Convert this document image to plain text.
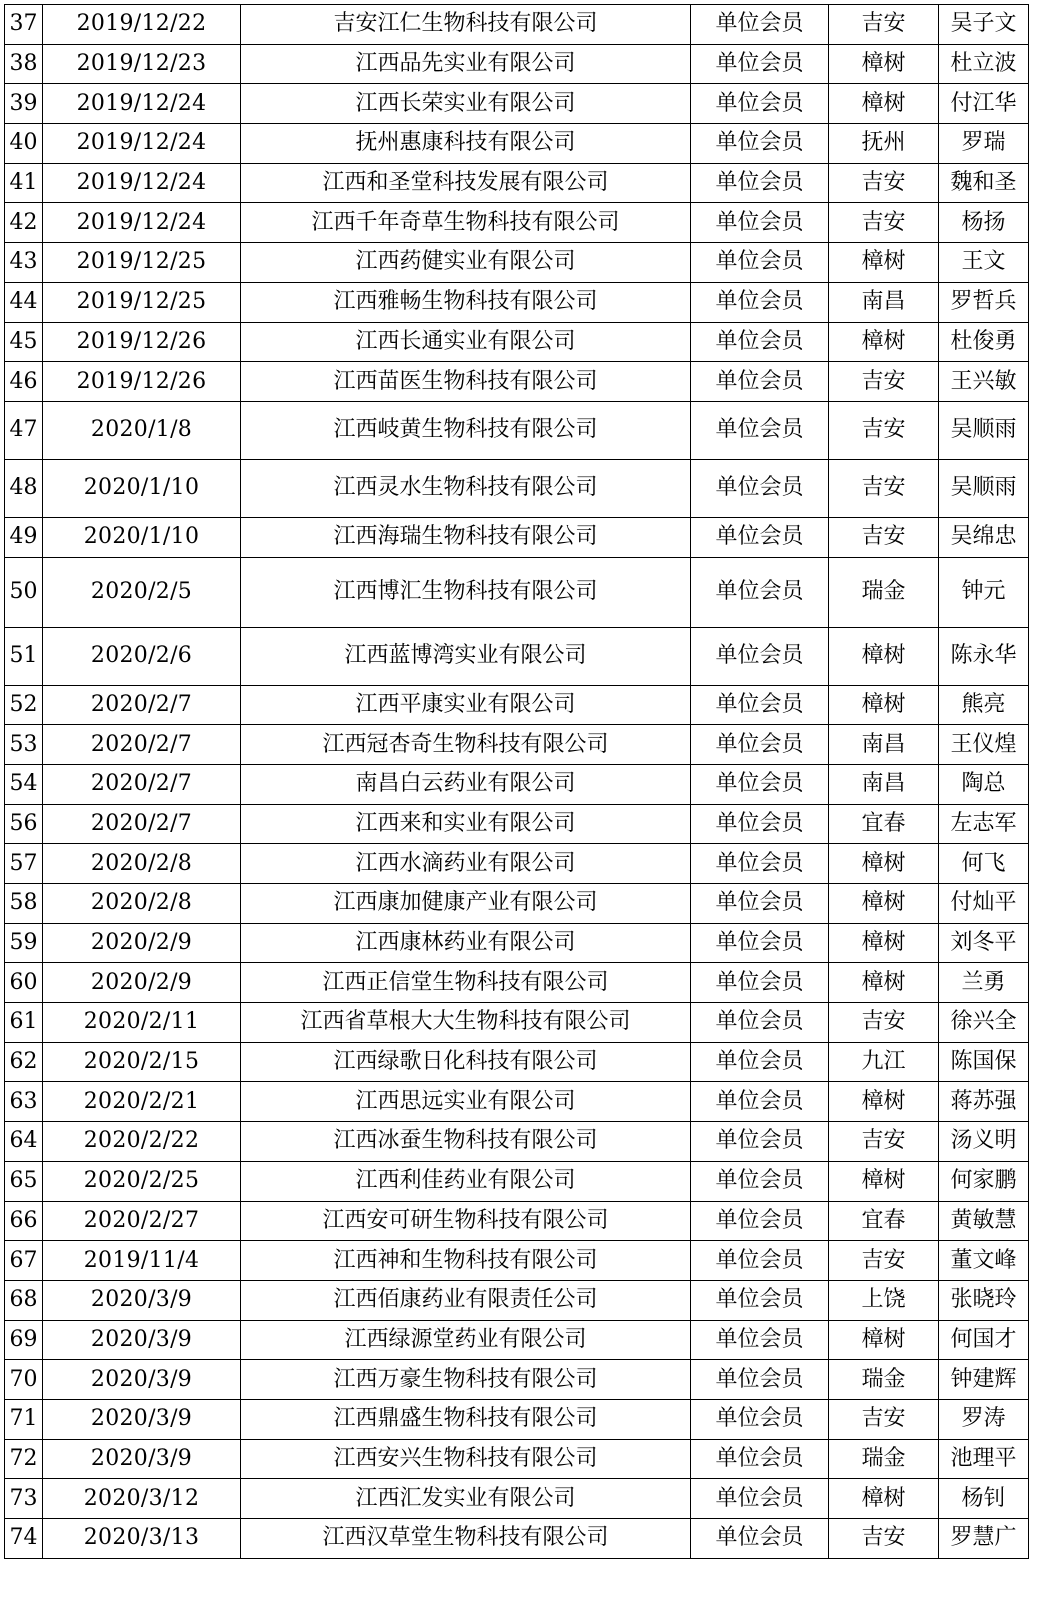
37	2019/12/22	吉安江仁生物科技有限公司	单位会员	吉安	吴子文
38	2019/12/23	江西品先实业有限公司	单位会员	樟树	杜立波
39	2019/12/24	江西长荣实业有限公司	单位会员	樟树	付江华
40	2019/12/24	抚州惠康科技有限公司	单位会员	抚州	罗瑞
41	2019/12/24	江西和圣堂科技发展有限公司	单位会员	吉安	魏和圣
42	2019/12/24	江西千年奇草生物科技有限公司	单位会员	吉安	杨扬
43	2019/12/25	江西药健实业有限公司	单位会员	樟树	王文
44	2019/12/25	江西雅畅生物科技有限公司	单位会员	南昌	罗哲兵
45	2019/12/26	江西长通实业有限公司	单位会员	樟树	杜俊勇
46	2019/12/26	江西苗医生物科技有限公司	单位会员	吉安	王兴敏
47	2020/1/8	江西岐黄生物科技有限公司	单位会员	吉安	吴顺雨
48	2020/1/10	江西灵水生物科技有限公司	单位会员	吉安	吴顺雨
49	2020/1/10	江西海瑞生物科技有限公司	单位会员	吉安	吴绵忠
50	2020/2/5	江西博汇生物科技有限公司	单位会员	瑞金	钟元
51	2020/2/6	江西蓝博湾实业有限公司	单位会员	樟树	陈永华
52	2020/2/7	江西平康实业有限公司	单位会员	樟树	熊亮
53	2020/2/7	江西冠杏奇生物科技有限公司	单位会员	南昌	王仪煌
54	2020/2/7	南昌白云药业有限公司	单位会员	南昌	陶总
56	2020/2/7	江西来和实业有限公司	单位会员	宜春	左志军
57	2020/2/8	江西水滴药业有限公司	单位会员	樟树	何飞
58	2020/2/8	江西康加健康产业有限公司	单位会员	樟树	付灿平
59	2020/2/9	江西康林药业有限公司	单位会员	樟树	刘冬平
60	2020/2/9	江西正信堂生物科技有限公司	单位会员	樟树	兰勇
61	2020/2/11	江西省草根大大生物科技有限公司	单位会员	吉安	徐兴全
62	2020/2/15	江西绿歌日化科技有限公司	单位会员	九江	陈国保
63	2020/2/21	江西思远实业有限公司	单位会员	樟树	蒋苏强
64	2020/2/22	江西冰蚕生物科技有限公司	单位会员	吉安	汤义明
65	2020/2/25	江西利佳药业有限公司	单位会员	樟树	何家鹏
66	2020/2/27	江西安可研生物科技有限公司	单位会员	宜春	黄敏慧
67	2019/11/4	江西神和生物科技有限公司	单位会员	吉安	董文峰
68	2020/3/9	江西佰康药业有限责任公司	单位会员	上饶	张晓玲
69	2020/3/9	江西绿源堂药业有限公司	单位会员	樟树	何国才
70	2020/3/9	江西万豪生物科技有限公司	单位会员	瑞金	钟建辉
71	2020/3/9	江西鼎盛生物科技有限公司	单位会员	吉安	罗涛
72	2020/3/9	江西安兴生物科技有限公司	单位会员	瑞金	池理平
73	2020/3/12	江西汇发实业有限公司	单位会员	樟树	杨钊
74	2020/3/13	江西汉草堂生物科技有限公司	单位会员	吉安	罗慧广
